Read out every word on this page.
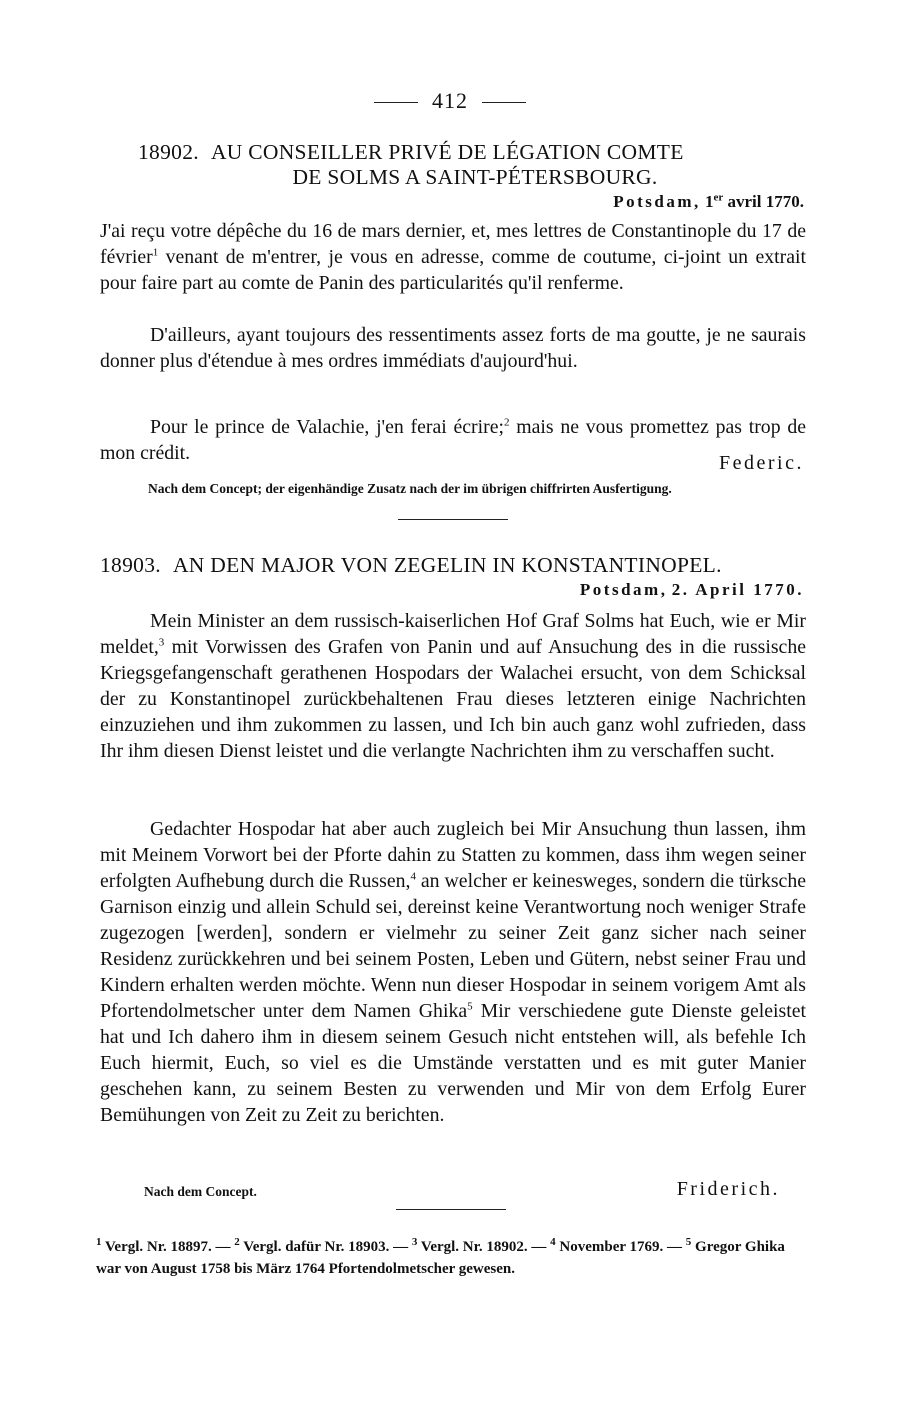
412
18902. AU CONSEILLER PRIVÉ DE LÉGATION COMTE
DE SOLMS A SAINT-PÉTERSBOURG.
Potsdam, 1er avril 1770.
J'ai reçu votre dépêche du 16 de mars dernier, et, mes lettres de Constantinople du 17 de février$^1$ venant de m'entrer, je vous en adresse, comme de coutume, ci-joint un extrait pour faire part au comte de Panin des particularités qu'il renferme.
D'ailleurs, ayant toujours des ressentiments assez forts de ma goutte, je ne saurais donner plus d'étendue à mes ordres immédiats d'aujourd'hui.
Pour le prince de Valachie, j'en ferai écrire;$^2$ mais ne vous promettez pas trop de mon crédit.	Federic.
Nach dem Concept; der eigenhändige Zusatz nach der im übrigen chiffrirten Ausfertigung.
18903. AN DEN MAJOR VON ZEGELIN IN KONSTANTINOPEL.
Potsdam, 2. April 1770.
Mein Minister an dem russisch-kaiserlichen Hof Graf Solms hat Euch, wie er Mir meldet,$^3$ mit Vorwissen des Grafen von Panin und auf Ansuchung des in die russische Kriegsgefangenschaft gerathenen Hospodars der Walachei ersucht, von dem Schicksal der zu Konstantinopel zurückbehaltenen Frau dieses letzteren einige Nachrichten einzuziehen und ihm zukommen zu lassen, und Ich bin auch ganz wohl zufrieden, dass Ihr ihm diesen Dienst leistet und die verlangte Nachrichten ihm zu verschaffen sucht.
Gedachter Hospodar hat aber auch zugleich bei Mir Ansuchung thun lassen, ihm mit Meinem Vorwort bei der Pforte dahin zu Statten zu kommen, dass ihm wegen seiner erfolgten Aufhebung durch die Russen,$^4$ an welcher er keinesweges, sondern die türksche Garnison einzig und allein Schuld sei, dereinst keine Verantwortung noch weniger Strafe zugezogen [werden], sondern er vielmehr zu seiner Zeit ganz sicher nach seiner Residenz zurückkehren und bei seinem Posten, Leben und Gütern, nebst seiner Frau und Kindern erhalten werden möchte. Wenn nun dieser Hospodar in seinem vorigem Amt als Pfortendolmetscher unter dem Namen Ghika$^5$ Mir verschiedene gute Dienste geleistet hat und Ich dahero ihm in diesem seinem Gesuch nicht entstehen will, als befehle Ich Euch hiermit, Euch, so viel es die Umstände verstatten und es mit guter Manier geschehen kann, zu seinem Besten zu verwenden und Mir von dem Erfolg Eurer Bemühungen von Zeit zu Zeit zu berichten.
Nach dem Concept.	Friderich.
$^1$ Vergl. Nr. 18897. — $^2$ Vergl. dafür Nr. 18903. — $^3$ Vergl. Nr. 18902. — $^4$ November 1769. — $^5$ Gregor Ghika war von August 1758 bis März 1764 Pfortendolmetscher gewesen.
